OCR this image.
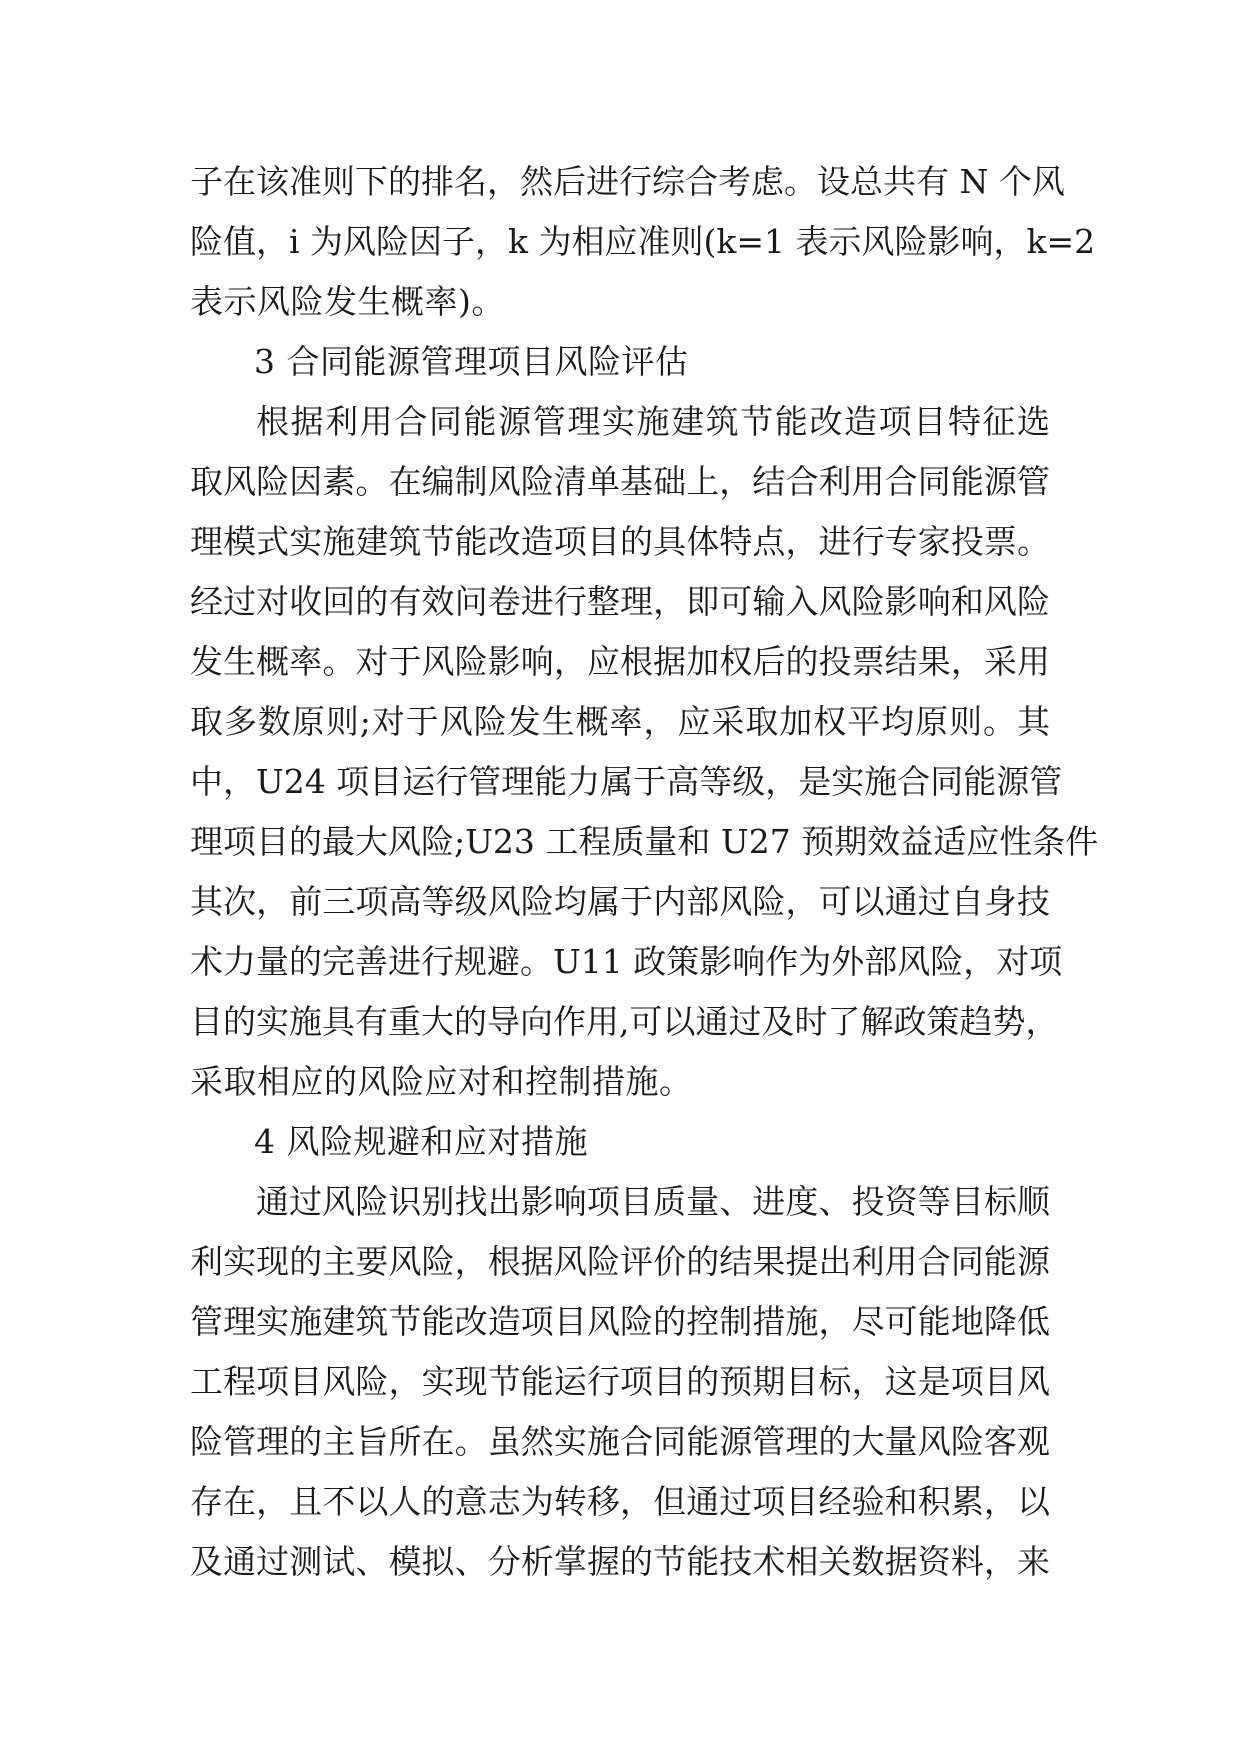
子在该准则下的排名，然后进行综合考虑。设总共有 N 个风
险值，i 为风险因子，k 为相应准则(k=1 表示风险影响，k=2
表示风险发生概率)。
3 合同能源管理项目风险评估
根据利用合同能源管理实施建筑节能改造项目特征选
取风险因素。在编制风险清单基础上，结合利用合同能源管
理模式实施建筑节能改造项目的具体特点，进行专家投票。
经过对收回的有效问卷进行整理，即可输入风险影响和风险
发生概率。对于风险影响，应根据加权后的投票结果，采用
取多数原则;对于风险发生概率，应采取加权平均原则。其
中，U24 项目运行管理能力属于高等级，是实施合同能源管
理项目的最大风险;U23 工程质量和 U27 预期效益适应性条件
其次，前三项高等级风险均属于内部风险，可以通过自身技
术力量的完善进行规避。U11 政策影响作为外部风险，对项
目的实施具有重大的导向作用,可以通过及时了解政策趋势，
采取相应的风险应对和控制措施。
4 风险规避和应对措施
通过风险识别找出影响项目质量、进度、投资等目标顺
利实现的主要风险，根据风险评价的结果提出利用合同能源
管理实施建筑节能改造项目风险的控制措施，尽可能地降低
工程项目风险，实现节能运行项目的预期目标，这是项目风
险管理的主旨所在。虽然实施合同能源管理的大量风险客观
存在，且不以人的意志为转移，但通过项目经验和积累，以
及通过测试、模拟、分析掌握的节能技术相关数据资料，来
